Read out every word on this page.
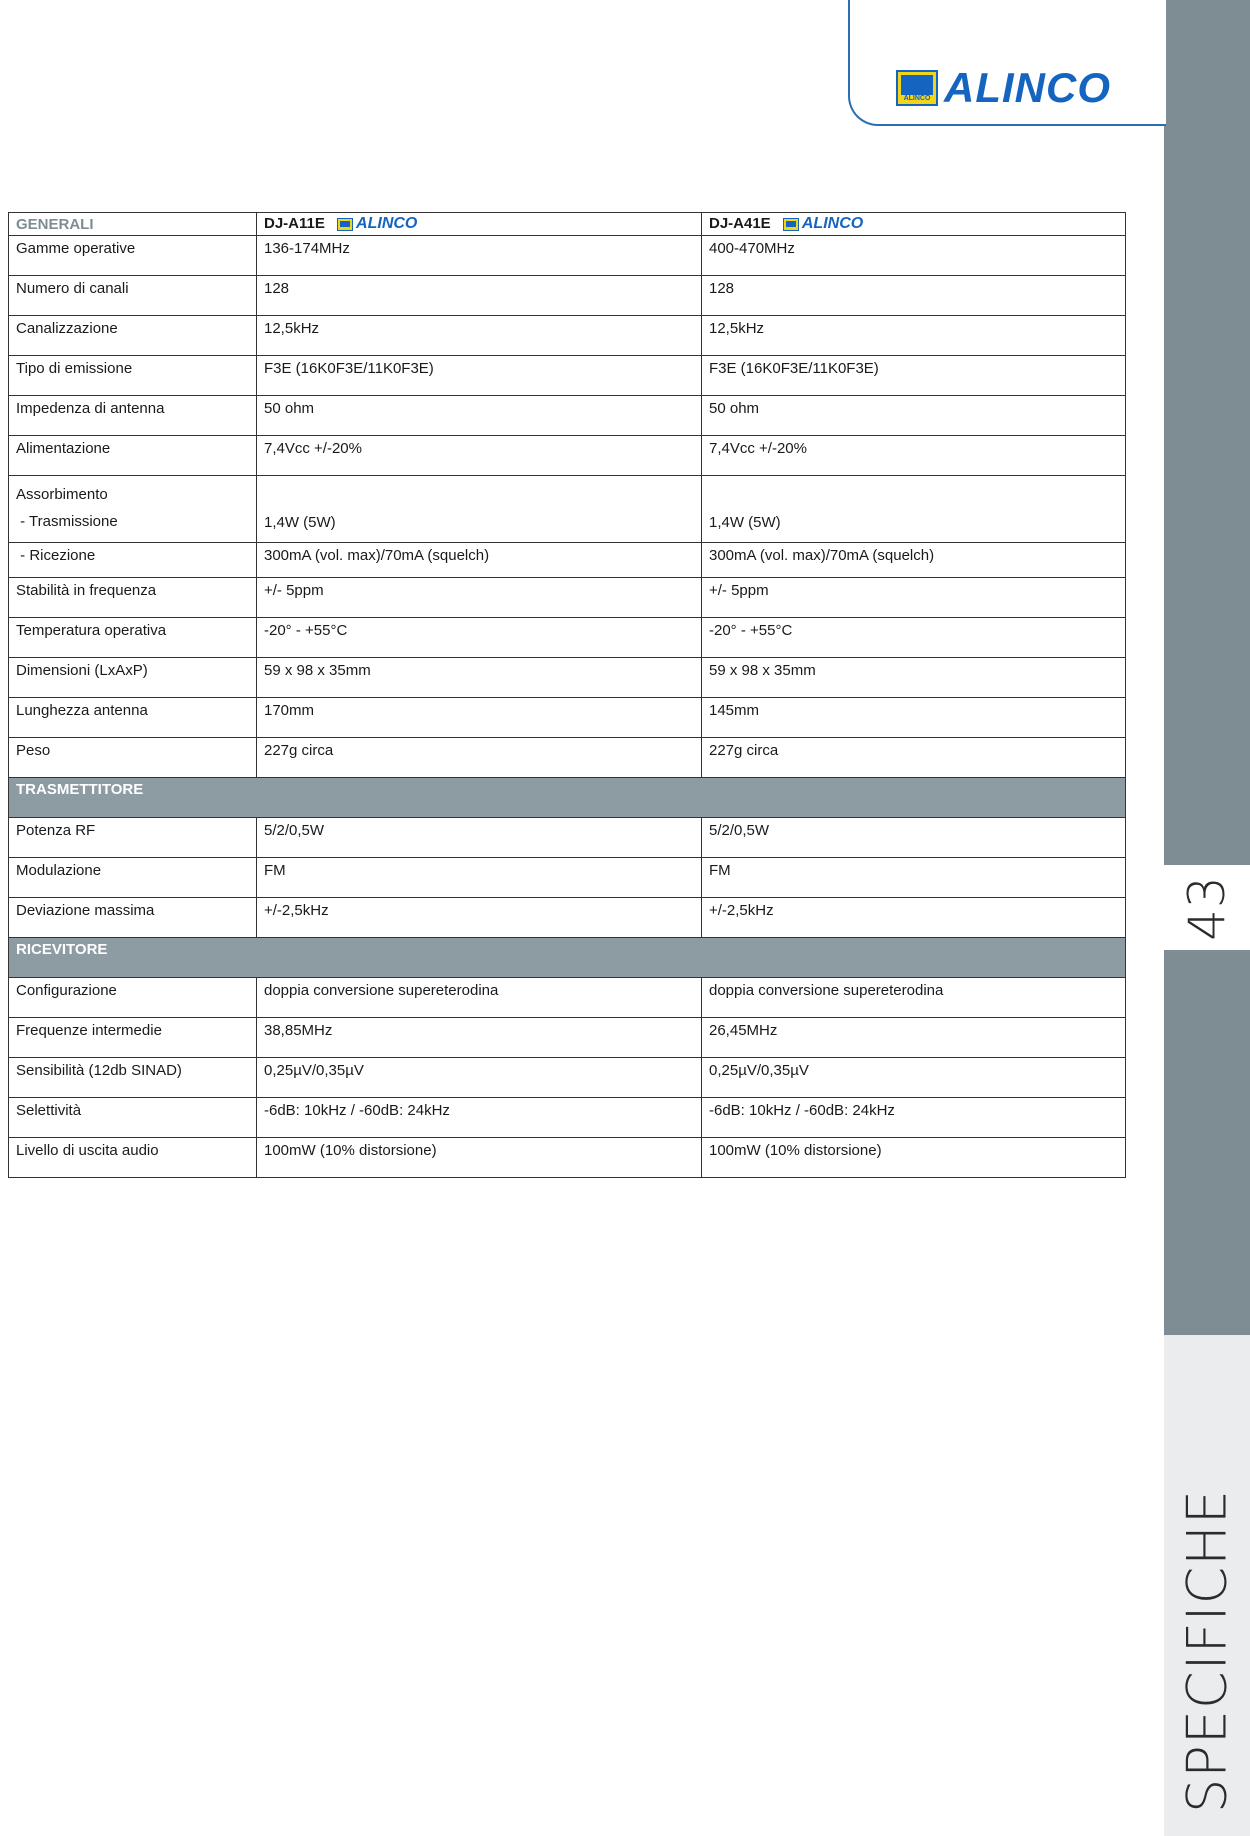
43
SPECIFICHE
ALINCO ALINCO
GENERALI	DJ-A11E ALINCO	DJ-A41E ALINCO

Gamme operative	136-174MHz	400-470MHz
Numero di canali	128	128
Canalizzazione	12,5kHz	12,5kHz
Tipo di emissione	F3E (16K0F3E/11K0F3E)	F3E (16K0F3E/11K0F3E)
Impedenza di antenna	50 ohm	50 ohm
Alimentazione	7,4Vcc +/-20%	7,4Vcc +/-20%

Assorbimento
- Trasmissione	1,4W (5W)	1,4W (5W)

- Ricezione	300mA (vol. max)/70mA (squelch)	300mA (vol. max)/70mA (squelch)
Stabilità in frequenza	+/- 5ppm	+/- 5ppm
Temperatura operativa	-20° - +55°C	-20° - +55°C
Dimensioni (LxAxP)	59 x 98 x 35mm	59 x 98 x 35mm
Lunghezza antenna	170mm	145mm
Peso	227g circa	227g circa
TRASMETTITORE		
Potenza RF	5/2/0,5W	5/2/0,5W
Modulazione	FM	FM
Deviazione massima	+/-2,5kHz	+/-2,5kHz
RICEVITORE		
Configurazione	doppia conversione supereterodina	doppia conversione supereterodina
Frequenze intermedie	38,85MHz	26,45MHz
Sensibilità (12db SINAD)	0,25µV/0,35µV	0,25µV/0,35µV
Selettività	-6dB: 10kHz / -60dB: 24kHz	-6dB: 10kHz / -60dB: 24kHz
Livello di uscita audio	100mW (10% distorsione)	100mW (10% distorsione)
